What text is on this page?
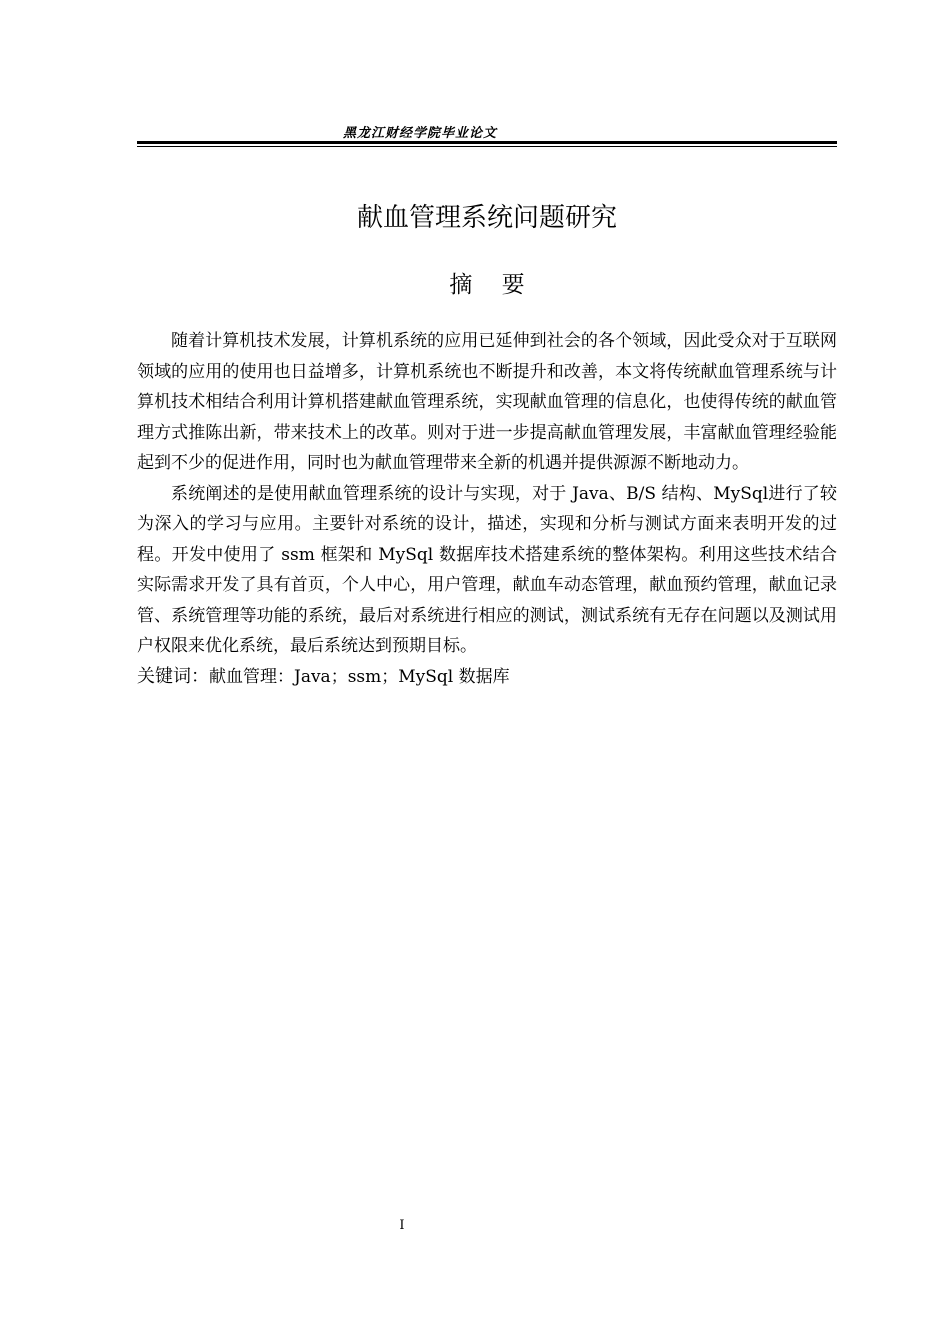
黑龙江财经学院毕业论文
献血管理系统问题研究
摘    要

随着计算机技术发展，计算机系统的应用已延伸到社会的各个领域，因此受众对于互联网领域的应用的使用也日益增多，计算机系统也不断提升和改善，本文将传统献血管理系统与计算机技术相结合利用计算机搭建献血管理系统，实现献血管理的信息化，也使得传统的献血管理方式推陈出新，带来技术上的改革。则对于进一步提高献血管理发展，丰富献血管理经验能起到不少的促进作用，同时也为献血管理带来全新的机遇并提供源源不断地动力。

系统阐述的是使用献血管理系统的设计与实现，对于 Java、B/S 结构、MySql进行了较为深入的学习与应用。主要针对系统的设计，描述，实现和分析与测试方面来表明开发的过程。开发中使用了 ssm 框架和 MySql 数据库技术搭建系统的整体架构。利用这些技术结合实际需求开发了具有首页，个人中心，用户管理，献血车动态管理，献血预约管理，献血记录管、系统管理等功能的系统，最后对系统进行相应的测试，测试系统有无存在问题以及测试用户权限来优化系统，最后系统达到预期目标。

关键词：献血管理：Java；ssm；MySql 数据库

I
